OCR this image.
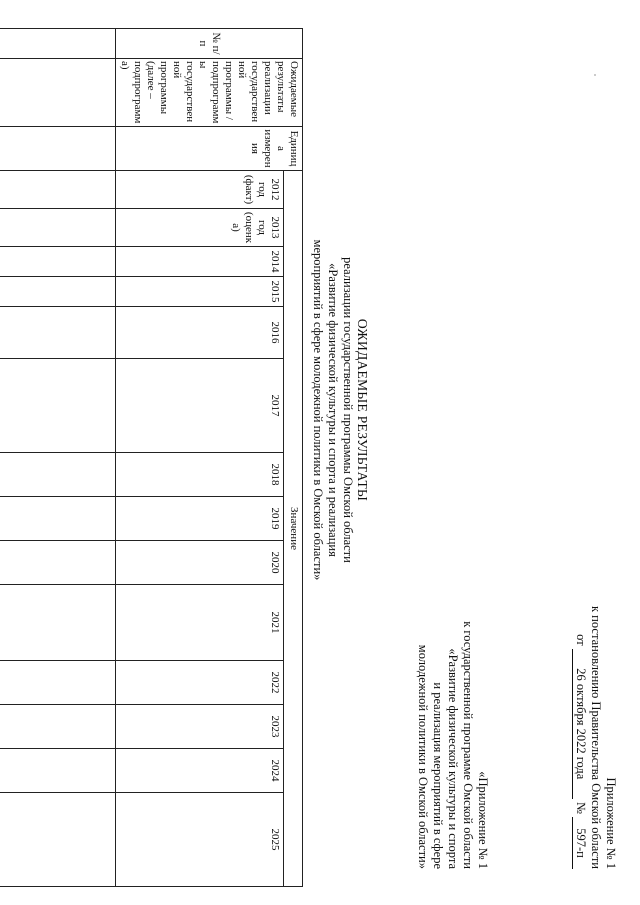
Приложение № 1
к постановлению Правительства Омской области
от 26 октября 2022 года № 597-п
«Приложение № 1
к государственной программе Омской области
«Развитие физической культуры и спорта
и реализация мероприятий в сфере
молодежной политики в Омской области»
ОЖИДАЕМЫЕ РЕЗУЛЬТАТЫ
реализации государственной программы Омской области
«Развитие физической культуры и спорта и реализация
мероприятий в сфере молодежной политики в Омской области»
№ п/п	Ожидаемые результаты реализации государственной программы / подпрограммы государственной программы (далее – подпрограмма)	Единица измерения	Значение													
			2012 год (факт)	2013 год (оценка)	2014	2015	2016	2017	2018	2019	2020	2021	2022	2023	2024	2025
